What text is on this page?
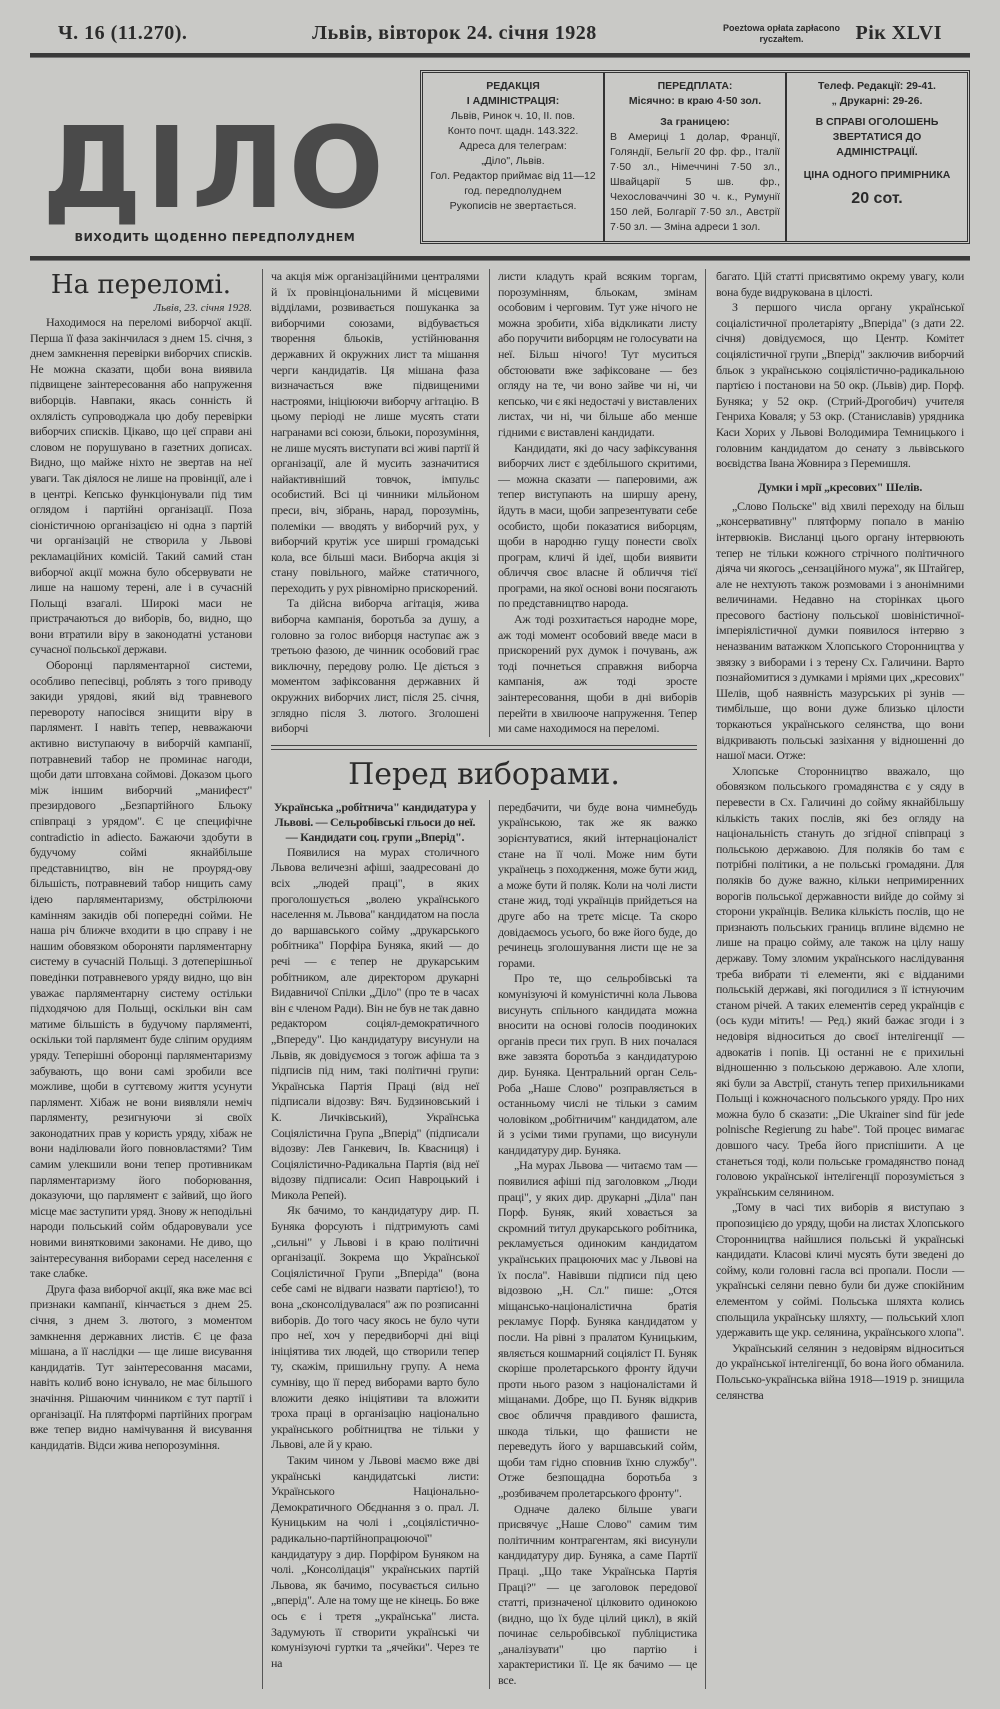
Ч. 16 (11.270).	Львів, вівторок 24. січня 1928	Poeztowa opłata zapłacono ryczałtem.	Рік XLVI
ДІЛО
ВИХОДИТЬ ЩОДЕННО ПЕРЕДПОЛУДНЕМ
РЕДАКЦІЯ
І АДМІНІСТРАЦІЯ:
Львів, Ринок ч. 10, II. пов.
Конто почт. щадн. 143.322.
Адреса для телеграм:
„Діло", Львів.
Гол. Редактор приймає від 11—12 год. передполуднем
Рукописів не звертається.
ПЕРЕДПЛАТА:
Місячно: в краю 4·50 зол.
За границею:
В Америці 1 долар, Франції, Голяндії, Бельгії 20 фр. фр., Італії 7·50 зл., Німеччині 7·50 зл., Швайцарії 5 шв. фр., Чехословаччині 30 ч. к., Румунії 150 лей, Болгарії 7·50 зл., Австрії 7·50 зл. — Зміна адреси 1 зол.
Телеф. Редакції: 29-41.
„ Друкарні: 29-26.
В СПРАВІ ОГОЛОШЕНЬ ЗВЕРТАТИСЯ ДО АДМІНІСТРАЦІЇ.
ЦІНА ОДНОГО ПРИМІРНИКА
20 сот.
На переломі.
Львів, 23. січня 1928.

Находимося на переломі виборчої акції. Перша її фаза закінчилася з днем 15. січня, з днем замкнення перевірки виборчих списків. Не можна сказати, щоби вона виявила підвищене заінтересовання або напруження виборців. Навпаки, якась сонність й охлялість супроводжала цю добу перевірки виборчих списків. Цікаво, що цеї справи ані словом не порушувано в газетних дописах. Видно, що майже ніхто не звертав на неї уваги. Так діялося не лише на провінції, але і в центрі. Кепсько функціонували під тим оглядом і партійні організації. Поза сіоністичною організацією ні одна з партій чи організацій не створила у Львові рекламаційних комісій. Такий самий стан виборчої акції можна було обсервувати не лише на нашому терені, але і в сучасній Польщі взагалі. Широкі маси не пристрачаються до виборів, бо, видно, що вони втратили віру в законодатні установи сучасної польської держави.

Оборонці парляментарної системи, особливо пепесівці, роблять з того приводу закиди урядові, який від травневого перевороту напосівся знищити віру в парлямент. І навіть тепер, невважаючи активно виступаючу в виборчій кампанії, потравневий табор не проминає нагоди, щоби дати штовхана соймові. Доказом цього між іншим виборчий „манифест" презирдового „Безпартійного Бльоку співпраці з урядом". Є це специфічне contradictio in adiecto. Бажаючи здобути в будучому соймі якнайбільше представництво, він не проуряд-ову більшість, потравневий табор нищить саму ідею парляментаризму, обстрілюючи камінням закидів обі попередні сойми. Не наша річ ближче входити в цю справу і не нашим обовязком обороняти парляментарну систему в сучасній Польщі. З дотеперішньої поведінки потравневого уряду видно, що він уважає парляментарну систему остільки підходячою для Польщі, оскільки він сам матиме більшість в будучому парляменті, оскільки той парлямент буде сліпим орудиям уряду. Теперішні оборонці парляментаризму забувають, що вони самі зробили все можливе, щоби в суттєвому життя усунути парлямент. Хібаж не вони виявляли неміч парляменту, резигнуючи зі своїх законодатних прав у користь уряду, хібаж не вони наділювали його повновластями? Тим самим улекшили вони тепер противникам парляментаризму його поборювання, доказуючи, що парлямент є зайвий, що його місце має заступити уряд. Знову ж неподільні народи польський сойм обдаровували усе новими винятковими законами. Не диво, що заінтересування виборами серед населення є таке слабке.

Друга фаза виборчої акції, яка вже має всі признаки кампанії, кінчається з днем 25. січня, з днем 3. лютого, з моментом замкнення державних листів. Є це фаза мішана, а її наслідки — ще лише висування кандидатів. Тут заінтересовання масами, навіть колиб воно існувало, не має більшого значіння. Рішаючим чинником є тут партії і організації. На плятформі партійних програм вже тепер видно намічування й висування кандидатів. Відси жива непорозуміння.

ча акція між організаційними централями й їх провінціональними й місцевими відділами, розвивається пошуканка за виборчими союзами, відбувається творення бльоків, устійнювання державних й окружних лист та мішання черги кандидатів. Ця мішана фаза визначається вже підвищеними настроями, ініціюючи виборчу агітацію. В цьому періоді не лише мусять стати награнами всі союзи, бльоки, порозуміння, не лише мусять виступати всі живі партії й організації, але й мусить зазначитися найактивніший товчок, імпульс особистий. Всі ці чинники мільйоном преси, віч, зібрань, нарад, порозумінь, полеміки — вводять у виборчий рух, у виборчий крутіж усе ширші громадські кола, все більші маси. Виборча акція зі стану повільного, майже статичного, переходить у рух рівномірно прискорений.

Та дійсна виборча агітація, жива виборча кампанія, боротьба за душу, а головно за голос виборця наступає аж з третьою фазою, де чинник особовий грає виключну, передову ролю. Це діється з моментом зафіксовання державних й окружних виборчих лист, після 25. січня, зглядно після 3. лютого. Зголошені виборчі

листи кладуть край всяким торгам, порозумінням, бльокам, змінам особовим і черговим. Тут уже нічого не можна зробити, хіба відкликати листу або поручити виборцям не голосувати на неї. Більш нічого! Тут муситься обстоювати вже зафіксоване — без огляду на те, чи воно зайве чи ні, чи кепсько, чи є які недостачі у виставлених листах, чи ні, чи більше або менше гідними є виставлені кандидати.

Кандидати, які до часу зафіксування виборчих лист є здебільшого скритими, — можна сказати — паперовими, аж тепер виступають на ширшу арену, йдуть в маси, щоби запрезентувати себе особисто, щоби показатися виборцям, щоби в народню гущу понести своїх програм, кличі й ідеї, щоби виявити обличчя своє власне й обличчя тієї програми, на якої основі вони посягають по представництво народа.

Аж тоді розхитається народне море, аж тоді момент особовий введе маси в прискорений рух думок і почувань, аж тоді почнеться справжня виборча кампанія, аж тоді зросте заінтересовання, щоби в дні виборів перейти в хвилюоче напруження. Тепер ми саме находимося на переломі.

Перед виборами.
Українська „робітнича" кандидатура у Львові. — Сельробівські гльоси до неї. — Кандидати соц. групи „Вперід".

Появилися на мурах столичного Львова величезні афіші, заадресовані до всіх „людей праці", в яких проголошується „волею українського населення м. Львова" кандидатом на посла до варшавського сойму „друкарського робітника" Порфіра Буняка, який — до речі — є тепер не друкарським робітником, але директором друкарні Видавничої Спілки „Діло" (про те в часах він є членом Ради). Він не був не так давно редактором соціял-демократичного „Впереду". Цю кандидатуру висунули на Львів, як довідуємося з тогож афіша та з підписів під ним, такі політичні групи: Українська Партія Праці (від неї підписали відозву: Вяч. Будзиновський і К. Личківський), Українська Соціялістична Група „Вперід" (підписали відозву: Лев Ганкевич, Ів. Квасниця) і Соціялістично-Радикальна Партія (від неї відозву підписали: Осип Навроцький і Микола Репей).

Як бачимо, то кандидатуру дир. П. Буняка форсують і підтримують самі „сильні" у Львові і в краю політичні організації. Зокрема що Української Соціялістичної Групи „Вперіда" (вона себе самі не відваги назвати партією!), то вона „сконсолідувалася" аж по розписанні виборів. До того часу якось не було чути про неї, хоч у передвиборчі дні віці ініціятива тих людей, що створили тепер ту, скажім, пришильну групу. А нема сумніву, що її перед виборами варто було вложити деяко ініціятиви та вложити троха праці в організацію національно українського робітництва не тільки у Львові, але й у краю.

Таким чином у Львові маємо вже дві українські кандидатські листи: Українського Національно-Демократичного Обєднання з о. прал. Л. Куницьким на чолі і „соціялістично-радикально-партійнопрацюючої" кандидатуру з дир. Порфіром Буняком на чолі. „Консолідація" українських партій Львова, як бачимо, посувається сильно „вперід". Але на тому ще не кінець. Бо вже ось є і третя „українська" листа. Задумують її створити українські чи комунізуючі гуртки та „ячейки". Через те на

передбачити, чи буде вона чимнебудь українською, так же як важко зорієнтуватися, який інтернаціоналіст стане на її чолі. Може ним бути українець з походження, може бути жид, а може бути й поляк. Коли на чолі листи стане жид, тоді українців прийдеться на друге або на третє місце. Та скоро довідаємось усього, бо вже його буде, до речинець зголошування листи ще не за горами.

Про те, що сельробівські та комунізуючі й комуністичні кола Львова висунуть спільного кандидата можна вносити на основі голосів поодиноких органів преси тих груп. В них почалася вже завзята боротьба з кандидатурою дир. Буняка. Центральний орган Сель-Роба „Наше Слово" розправляється в останньому числі не тільки з самим чоловіком „робітничим" кандидатом, але й з усіми тими групами, що висунули кандидатуру дир. Буняка.

„На мурах Львова — читаємо там — появилися афіші під заголовком „Люди праці", у яких дир. друкарні „Діла" пан Порф. Буняк, який ховається за скромний титул друкарського робітника, рекламується одиноким кандидатом українських працюючих мас у Львові на їх посла". Навівши підписи під цею відозвою „Н. Сл." пише: „Отся міщансько-націоналістична братія рекламує Порф. Буняка кандидатом у посли. На рівні з пралатом Куницьким, являється кошмарний соціяліст П. Буняк скоріше пролетарського фронту йдучи проти нього разом з націоналістами й міщанами. Добре, що П. Буняк відкрив своє обличчя правдивого фашиста, шкода тільки, що фашисти не переведуть його у варшавський сойм, щоби там гідно сповнив їхню службу". Отже безпощадна боротьба з „розбивачем пролетарського фронту".

Одначе далеко більше уваги присвячує „Наше Слово" самим тим політичним контрагентам, які висунули кандидатуру дир. Буняка, а саме Партії Праці. „Що таке Українська Партія Праці?" — це заголовок передової статті, призначеної цілковито одинокою (видно, що їх буде цілий цикл), в якій починає сельробівської публіцистика „аналізувати" цю партію і характеристики її. Це як бачимо — це все.

багато. Цій статті присвятимо окрему увагу, коли вона буде видрукована в цілості.

З першого числа органу української соціалістичної пролетаріяту „Вперіда" (з дати 22. січня) довідуємося, що Центр. Комітет соціялістичної групи „Вперід" заключив виборчий бльок з українською соціялістично-радикальною партією і постанови на 50 окр. (Львів) дир. Порф. Буняка; у 52 окр. (Стрий-Дрогобич) учителя Генриха Коваля; у 53 окр. (Станиславів) урядника Каси Хорих у Львові Володимира Темницького і головним кандидатом до сенату з львівського воєвідства Івана Жовнира з Перемишля.

Думки і мрії „кресових" Шелів.

„Слово Польске" від хвилі переходу на більш „консервативну" плятформу попало в манію інтервюків. Висланці цього органу інтервюють тепер не тільки кожного стрічного політичного діяча чи якогось „сензаційного мужа", як Штайгер, але не нехтують також розмовами і з анонімними величинами. Недавно на сторінках цього пресового бастіону польської шовіністичної-імперіялістичної думки появилося інтервю з неназваним ватажком Хлопського Сторонництва у звязку з виборами і з терену Сх. Галичини. Варто познайомитися з думками і мріями цих „кресових" Шелів, щоб наявність мазурських рі зунів — тимбільше, що вони дуже близько цілости торкаються українського селянства, що вони відкривають польські зазіхання у відношенні до нашої маси. Отже:

Хлопське Сторонництво вважало, що обовязком польського громадянства є у сяду в перевести в Сх. Галичині до сойму якнайбільшу кількість таких послів, які без огляду на національність стануть до згідної співпраці з польською державою. Для поляків бо там є потрібні політики, а не польські громадяни. Для поляків бо дуже важно, кільки непримиренних ворогів польської державности вийде до сойму зі сторони українців. Велика кількість послів, що не признають польських границь вплине відємно не лише на працю сойму, але також на цілу нашу державу. Тому зломим українського наслідування треба вибрати ті елементи, які є відданими польській державі, які погодилися з її істнуючим станом річей. А таких елементів серед українців є (ось куди мітить! — Ред.) який бажає згоди і з недовіря відноситься до своєї інтелігенції — адвокатів і попів. Ці останні не є прихильні відношенню з польською державою. Але хлопи, які були за Австрії, стануть тепер прихильниками Польщі і кожночасного польського уряду. Про них можна було б сказати: „Die Ukrainer sind für jede polnische Regierung zu habe". Той процес вимагає довшого часу. Треба його приспішити. А це станеться тоді, коли польське громадянство понад головою української інтелігенції порозуміється з українським селянином.

„Тому в часі тих виборів я виступаю з пропозицією до уряду, щоби на листах Хлопського Сторонництва найшлися польські й українські кандидати. Класові кличі мусять бути зведені до сойму, коли головні гасла всі пропали. Посли — українські селяни певно були би дуже спокійним елементом у соймі. Польська шляхта колись спольщила українську шляхту, — польський хлоп удержавить ще укр. селянина, українського хлопа".

Український селянин з недовірям відноситься до української інтелігенції, бо вона його обманила. Польсько-українська війна 1918—1919 р. знищила селянства
